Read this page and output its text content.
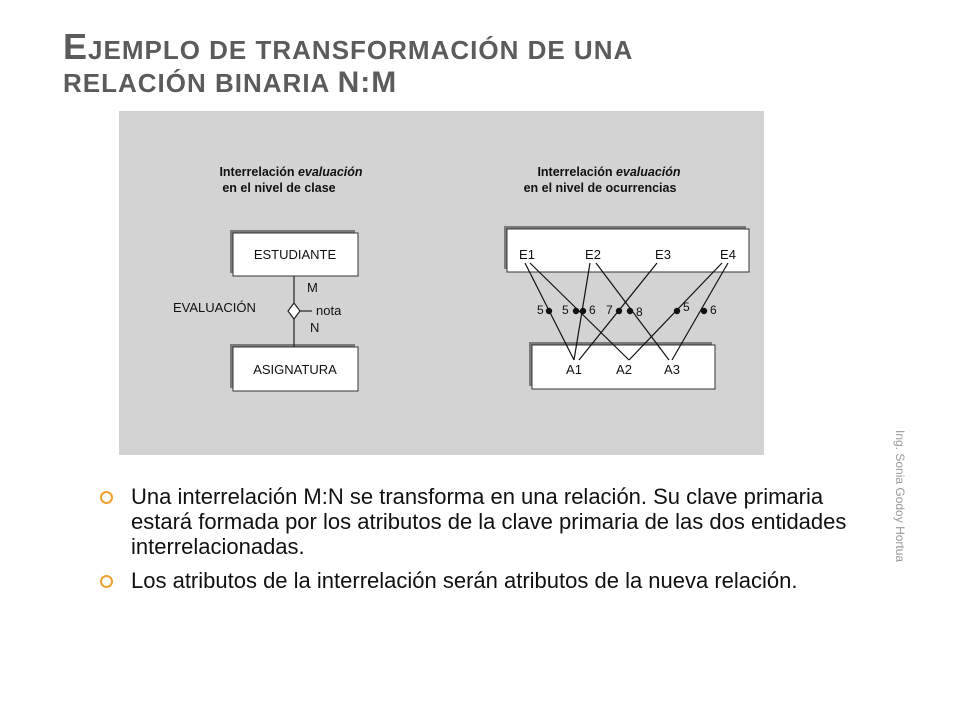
EJEMPLO DE TRANSFORMACIÓN DE UNA
RELACIÓN BINARIA N:M
Interrelación evaluación
en el nivel de clase
Interrelación evaluación
en el nivel de ocurrencias
ESTUDIANTE
ASIGNATURA
M
N
nota
EVALUACIÓN
E1	E2	E3	E4
A1	A2 A3
5 5 6 7 8	5 6
Ing. Sonia Godoy Hortua
Una interrelación M:N se transforma en una relación. Su clave primaria estará formada por los atributos de la clave primaria de las dos entidades interrelacionadas.
Los atributos de la interrelación serán atributos de la nueva relación.
